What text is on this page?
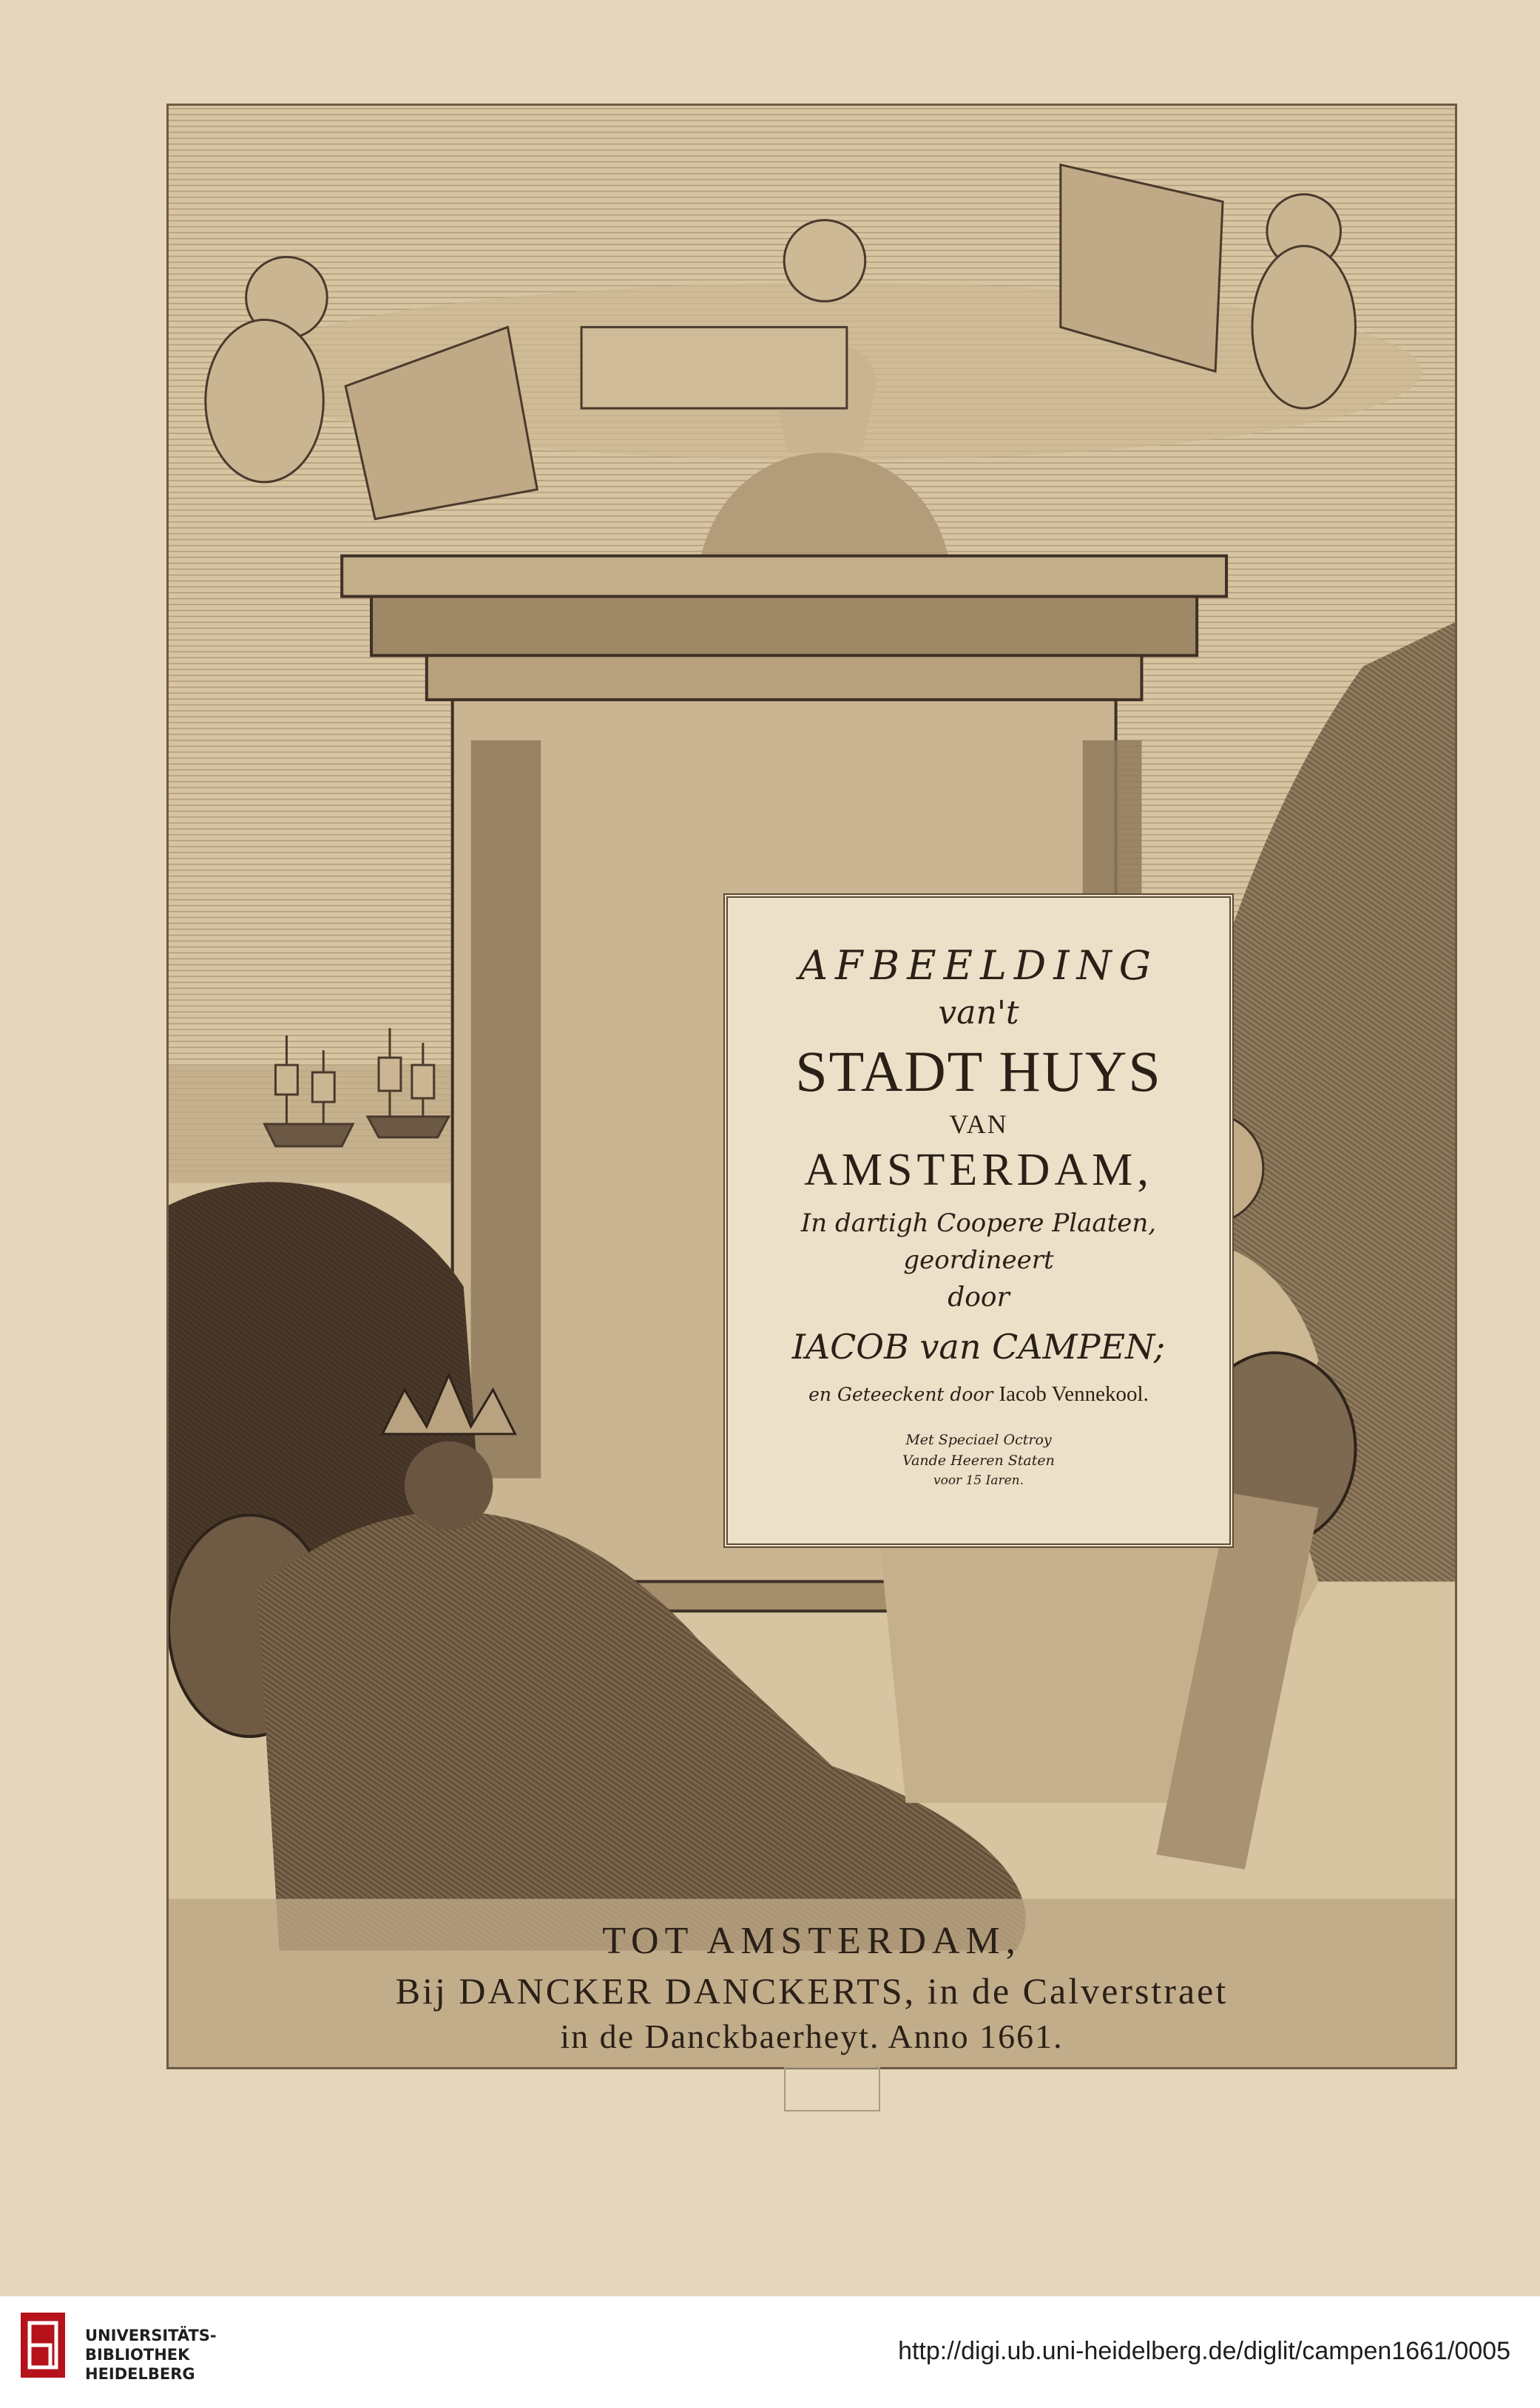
AFBEELDING
van't
STADT HUYS
VAN
AMSTERDAM,
In dartigh Coopere Plaaten,
geordineert
door
IACOB van CAMPEN;
en Geteeckent door Iacob Vennekool.
Met Speciael Octroy
Vande Heeren Staten
voor 15 Iaren.
TOT AMSTERDAM,
Bij DANCKER DANCKERTS, in de Calverstraet
in de Danckbaerheyt. Anno 1661.
UNIVERSITÄTS-
BIBLIOTHEK
HEIDELBERG
http://digi.ub.uni-heidelberg.de/diglit/campen1661/0005
